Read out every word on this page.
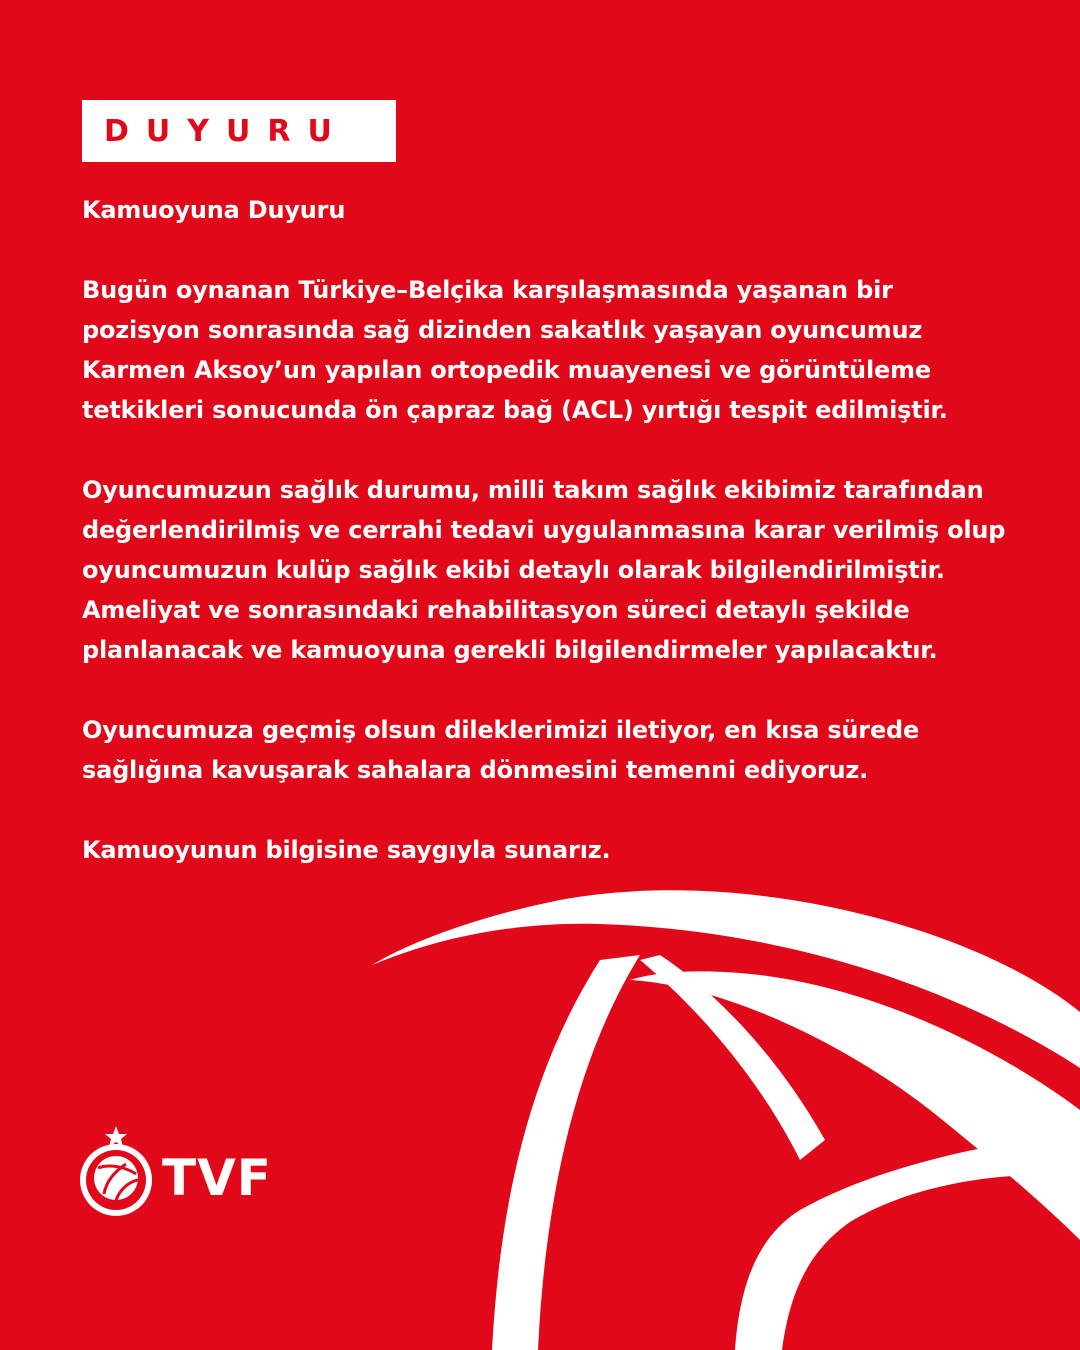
DUYURU

Kamuoyuna Duyuru

Bugün oynanan Türkiye–Belçika karşılaşmasında yaşanan bir
pozisyon sonrasında sağ dizinden sakatlık yaşayan oyuncumuz
Karmen Aksoy’un yapılan ortopedik muayenesi ve görüntüleme
tetkikleri sonucunda ön çapraz bağ (ACL) yırtığı tespit edilmiştir.

Oyuncumuzun sağlık durumu, milli takım sağlık ekibimiz tarafından
değerlendirilmiş ve cerrahi tedavi uygulanmasına karar verilmiş olup
oyuncumuzun kulüp sağlık ekibi detaylı olarak bilgilendirilmiştir.
Ameliyat ve sonrasındaki rehabilitasyon süreci detaylı şekilde
planlanacak ve kamuoyuna gerekli bilgilendirmeler yapılacaktır.

Oyuncumuza geçmiş olsun dileklerimizi iletiyor, en kısa sürede
sağlığına kavuşarak sahalara dönmesini temenni ediyoruz.

Kamuoyunun bilgisine saygıyla sunarız.

TVF
